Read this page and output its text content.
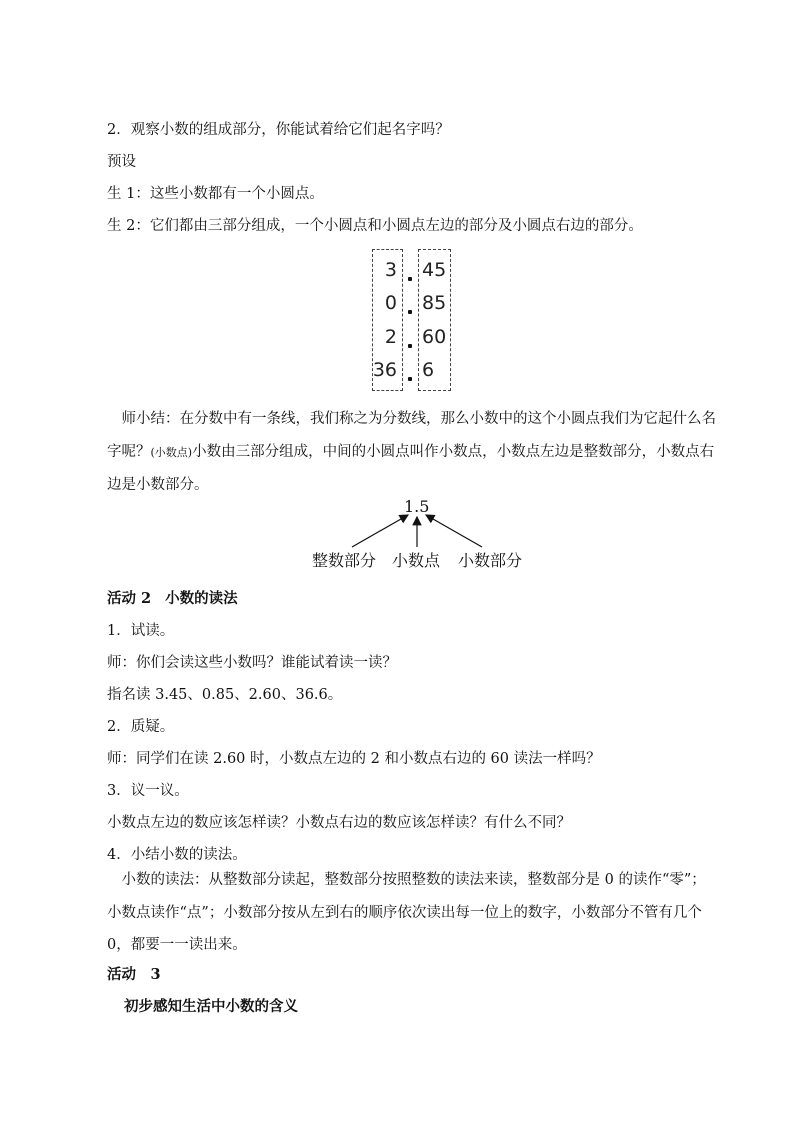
2．观察小数的组成部分，你能试着给它们起名字吗？
预设
生 1：这些小数都有一个小圆点。
生 2：它们都由三部分组成，一个小圆点和小圆点左边的部分及小圆点右边的部分。
3 45
0 85
2 60
36 6
师小结：在分数中有一条线，我们称之为分数线，那么小数中的这个小圆点我们为它起什么名字呢？(小数点)小数由三部分组成，中间的小圆点叫作小数点，小数点左边是整数部分，小数点右边是小数部分。
1.5
整数部分 小数点 小数部分
活动 2 小数的读法
1．试读。
师：你们会读这些小数吗？谁能试着读一读？
指名读 3.45、0.85、2.60、36.6。
2．质疑。
师：同学们在读 2.60 时，小数点左边的 2 和小数点右边的 60 读法一样吗？
3．议一议。
小数点左边的数应该怎样读？小数点右边的数应该怎样读？有什么不同？
4．小结小数的读法。
小数的读法：从整数部分读起，整数部分按照整数的读法来读，整数部分是 0 的读作“零”；小数点读作“点”；小数部分按从左到右的顺序依次读出每一位上的数字，小数部分不管有几个 0，都要一一读出来。
活动　3
初步感知生活中小数的含义
